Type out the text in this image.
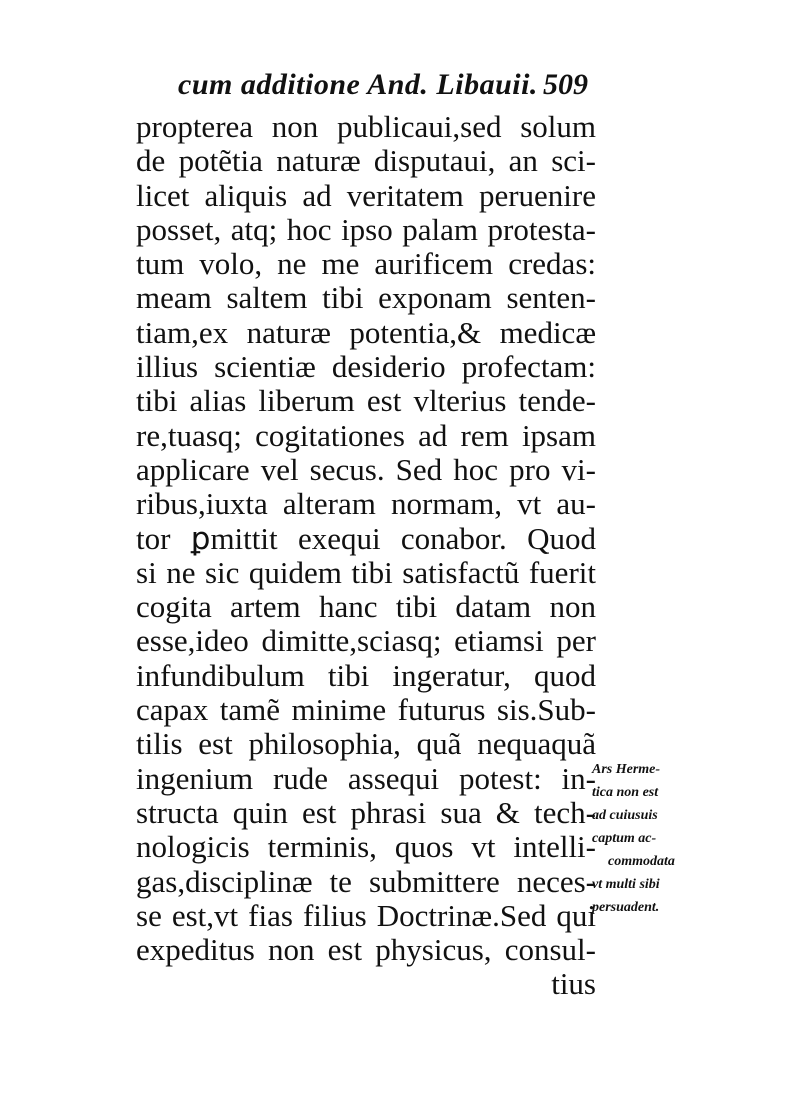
cum additione And. Libauii. 509
propterea non publicaui,sed solum
de potẽtia naturæ disputaui, an sci-
licet aliquis ad veritatem peruenire
posset, atq; hoc ipso palam protesta-
tum volo, ne me aurificem credas:
meam saltem tibi exponam senten-
tiam,ex naturæ potentia,& medicæ
illius scientiæ desiderio profectam:
tibi alias liberum est vlterius tende-
re,tuasq; cogitationes ad rem ipsam
applicare vel secus. Sed hoc pro vi-
ribus,iuxta alteram normam, vt au-
tor ꝑmittit exequi conabor. Quod
si ne sic quidem tibi satisfactũ fuerit
cogita artem hanc tibi datam non
esse,ideo dimitte,sciasq; etiamsi per
infundibulum tibi ingeratur, quod
capax tamẽ minime futurus sis.Sub-
tilis est philosophia, quã nequaquã
ingenium rude assequi potest: in-
structa quin est phrasi sua & tech-
nologicis terminis, quos vt intelli-
gas,disciplinæ te submittere neces-
se est,vt fias filius Doctrinæ.Sed qui
expeditus non est physicus, consul-
tius
Ars Herme-
tica non est
ad cuiusuis
captum ac-
commodata
vt multi sibi
persuadent.
